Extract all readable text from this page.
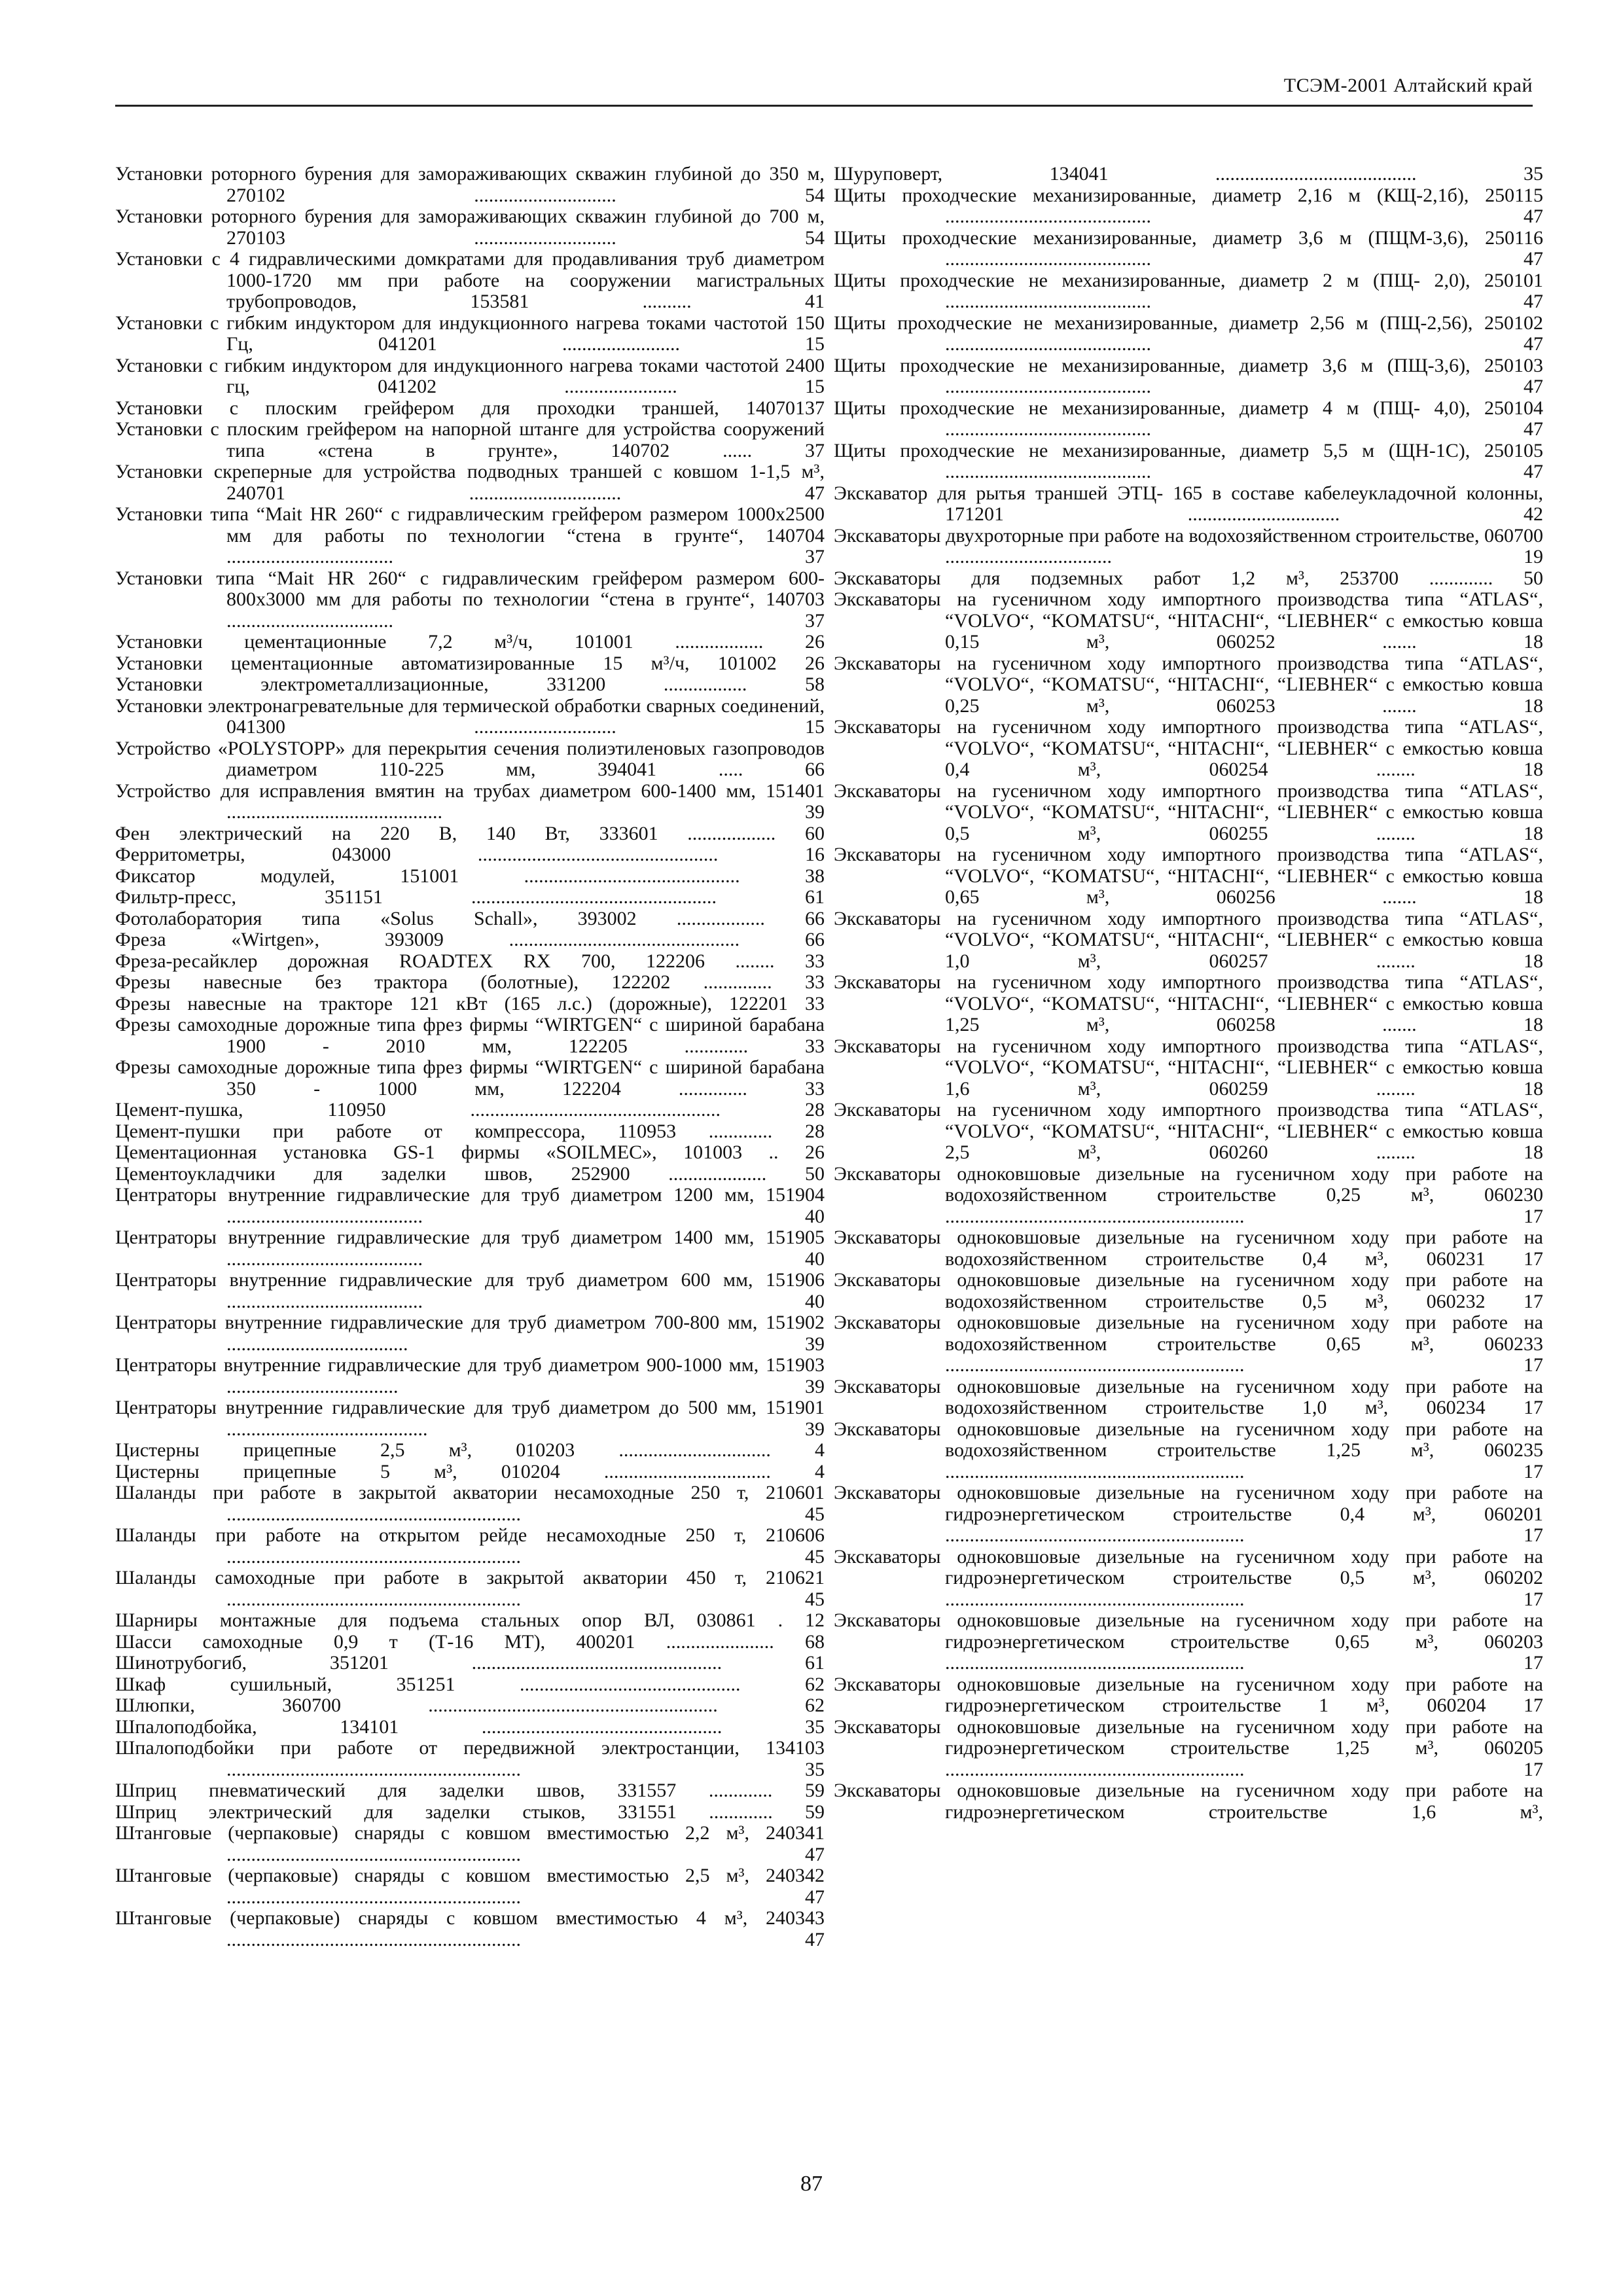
ТСЭМ-2001 Алтайский край
Установки роторного бурения для замораживающих скважин глубиной до 350 м, 270102 ............................. 54
Установки роторного бурения для замораживающих скважин глубиной до 700 м, 270103 ............................. 54
Установки с 4 гидравлическими домкратами для продавливания труб диаметром 1000-1720 мм при работе на сооружении магистральных трубопроводов, 153581 .......... 41
Установки с гибким индуктором для индукционного нагрева токами частотой 150 Гц, 041201 ........................ 15
Установки с гибким индуктором для индукционного нагрева токами частотой 2400 гц, 041202 ....................... 15
Установки с плоским грейфером для проходки траншей, 14070137
Установки с плоским грейфером на напорной штанге для устройства сооружений типа «стена в грунте», 140702 ...... 37
Установки скреперные для устройства подводных траншей с ковшом 1-1,5 м³, 240701 ............................... 47
Установки типа “Mait HR 260“ с гидравлическим грейфером размером 1000х2500 мм для работы по технологии “стена в грунте“, 140704 .................................. 37
Установки типа “Mait HR 260“ с гидравлическим грейфером размером 600-800х3000 мм для работы по технологии “стена в грунте“, 140703 .................................. 37
Установки цементационные 7,2 м³/ч, 101001 .................. 26
Установки цементационные автоматизированные 15 м³/ч, 101002 26
Установки электрометаллизационные, 331200 ................. 58
Установки электронагревательные для термической обработки сварных соединений, 041300 ............................. 15
Устройство «POLYSTOPP» для перекрытия сечения полиэтиленовых газопроводов диаметром 110-225 мм, 394041 ..... 66
Устройство для исправления вмятин на трубах диаметром 600-1400 мм, 151401 ............................................ 39
Фен электрический на 220 В, 140 Вт, 333601 .................. 60
Ферритометры, 043000 ................................................. 16
Фиксатор модулей, 151001 ............................................ 38
Фильтр-пресс, 351151 .................................................. 61
Фотолаборатория типа «Solus Schall», 393002 .................. 66
Фреза «Wirtgen», 393009 ............................................... 66
Фреза-ресайклер дорожная ROADTEX RX 700, 122206 ........ 33
Фрезы навесные без трактора (болотные), 122202 .............. 33
Фрезы навесные на тракторе 121 кВт (165 л.с.) (дорожные), 122201 33
Фрезы самоходные дорожные типа фрез фирмы “WIRTGEN“ с шириной барабана 1900 - 2010 мм, 122205 ............. 33
Фрезы самоходные дорожные типа фрез фирмы “WIRTGEN“ с шириной барабана 350 - 1000 мм, 122204 .............. 33
Цемент-пушка, 110950 ................................................... 28
Цемент-пушки при работе от компрессора, 110953 ............. 28
Цементационная установка GS-1 фирмы «SOILMEC», 101003 .. 26
Цементоукладчики для заделки швов, 252900 .................... 50
Центраторы внутренние гидравлические для труб диаметром 1200 мм, 151904 ........................................ 40
Центраторы внутренние гидравлические для труб диаметром 1400 мм, 151905 ........................................ 40
Центраторы внутренние гидравлические для труб диаметром 600 мм, 151906 ........................................ 40
Центраторы внутренние гидравлические для труб диаметром 700-800 мм, 151902 ..................................... 39
Центраторы внутренние гидравлические для труб диаметром 900-1000 мм, 151903 ................................... 39
Центраторы внутренние гидравлические для труб диаметром до 500 мм, 151901 ......................................... 39
Цистерны прицепные 2,5 м³, 010203 ............................... 4
Цистерны прицепные 5 м³, 010204 .................................. 4
Шаланды при работе в закрытой акватории несамоходные 250 т, 210601 ............................................................ 45
Шаланды при работе на открытом рейде несамоходные 250 т, 210606 ............................................................ 45
Шаланды самоходные при работе в закрытой акватории 450 т, 210621 ............................................................ 45
Шарниры монтажные для подъема стальных опор ВЛ, 030861 . 12
Шасси самоходные 0,9 т (Т-16 МТ), 400201 ...................... 68
Шинотрубогиб, 351201 ................................................... 61
Шкаф сушильный, 351251 ............................................. 62
Шлюпки, 360700 ........................................................... 62
Шпалоподбойка, 134101 ................................................. 35
Шпалоподбойки при работе от передвижной электростанции, 134103 ............................................................ 35
Шприц пневматический для заделки швов, 331557 ............. 59
Шприц электрический для заделки стыков, 331551 ............. 59
Штанговые (черпаковые) снаряды с ковшом вместимостью 2,2 м³, 240341 ............................................................ 47
Штанговые (черпаковые) снаряды с ковшом вместимостью 2,5 м³, 240342 ............................................................ 47
Штанговые (черпаковые) снаряды с ковшом вместимостью 4 м³, 240343 ............................................................ 47
Шуруповерт, 134041 ......................................... 35
Щиты проходческие механизированные, диаметр 2,16 м (КЩ-2,1б), 250115 .......................................... 47
Щиты проходческие механизированные, диаметр 3,6 м (ПЩМ-3,6), 250116 .......................................... 47
Щиты проходческие не механизированные, диаметр 2 м (ПЩ- 2,0), 250101 .......................................... 47
Щиты проходческие не механизированные, диаметр 2,56 м (ПЩ-2,56), 250102 .......................................... 47
Щиты проходческие не механизированные, диаметр 3,6 м (ПЩ-3,6), 250103 .......................................... 47
Щиты проходческие не механизированные, диаметр 4 м (ПЩ- 4,0), 250104 .......................................... 47
Щиты проходческие не механизированные, диаметр 5,5 м (ЩН-1С), 250105 .......................................... 47
Экскаватор для рытья траншей ЭТЦ- 165 в составе кабелеукладочной колонны, 171201 ............................... 42
Экскаваторы двухроторные при работе на водохозяйственном строительстве, 060700 .................................. 19
Экскаваторы для подземных работ 1,2 м³, 253700 ............. 50
Экскаваторы на гусеничном ходу импортного производства типа “ATLAS“, “VOLVO“, “KOMATSU“, “HITACHI“, “LIEBHER“ с емкостью ковша 0,15 м³, 060252 ....... 18
Экскаваторы на гусеничном ходу импортного производства типа “ATLAS“, “VOLVO“, “KOMATSU“, “HITACHI“, “LIEBHER“ с емкостью ковша 0,25 м³, 060253 ....... 18
Экскаваторы на гусеничном ходу импортного производства типа “ATLAS“, “VOLVO“, “KOMATSU“, “HITACHI“, “LIEBHER“ с емкостью ковша 0,4 м³, 060254 ........ 18
Экскаваторы на гусеничном ходу импортного производства типа “ATLAS“, “VOLVO“, “KOMATSU“, “HITACHI“, “LIEBHER“ с емкостью ковша 0,5 м³, 060255 ........ 18
Экскаваторы на гусеничном ходу импортного производства типа “ATLAS“, “VOLVO“, “KOMATSU“, “HITACHI“, “LIEBHER“ с емкостью ковша 0,65 м³, 060256 ....... 18
Экскаваторы на гусеничном ходу импортного производства типа “ATLAS“, “VOLVO“, “KOMATSU“, “HITACHI“, “LIEBHER“ с емкостью ковша 1,0 м³, 060257 ........ 18
Экскаваторы на гусеничном ходу импортного производства типа “ATLAS“, “VOLVO“, “KOMATSU“, “HITACHI“, “LIEBHER“ с емкостью ковша 1,25 м³, 060258 ....... 18
Экскаваторы на гусеничном ходу импортного производства типа “ATLAS“, “VOLVO“, “KOMATSU“, “HITACHI“, “LIEBHER“ с емкостью ковша 1,6 м³, 060259 ........ 18
Экскаваторы на гусеничном ходу импортного производства типа “ATLAS“, “VOLVO“, “KOMATSU“, “HITACHI“, “LIEBHER“ с емкостью ковша 2,5 м³, 060260 ........ 18
Экскаваторы одноковшовые дизельные на гусеничном ходу при работе на водохозяйственном строительстве 0,25 м³, 060230 ............................................................. 17
Экскаваторы одноковшовые дизельные на гусеничном ходу при работе на водохозяйственном строительстве 0,4 м³, 060231 17
Экскаваторы одноковшовые дизельные на гусеничном ходу при работе на водохозяйственном строительстве 0,5 м³, 060232 17
Экскаваторы одноковшовые дизельные на гусеничном ходу при работе на водохозяйственном строительстве 0,65 м³, 060233 ............................................................. 17
Экскаваторы одноковшовые дизельные на гусеничном ходу при работе на водохозяйственном строительстве 1,0 м³, 060234 17
Экскаваторы одноковшовые дизельные на гусеничном ходу при работе на водохозяйственном строительстве 1,25 м³, 060235 ............................................................. 17
Экскаваторы одноковшовые дизельные на гусеничном ходу при работе на гидроэнергетическом строительстве 0,4 м³, 060201 ............................................................. 17
Экскаваторы одноковшовые дизельные на гусеничном ходу при работе на гидроэнергетическом строительстве 0,5 м³, 060202 ............................................................. 17
Экскаваторы одноковшовые дизельные на гусеничном ходу при работе на гидроэнергетическом строительстве 0,65 м³, 060203 ............................................................. 17
Экскаваторы одноковшовые дизельные на гусеничном ходу при работе на гидроэнергетическом строительстве 1 м³, 060204 17
Экскаваторы одноковшовые дизельные на гусеничном ходу при работе на гидроэнергетическом строительстве 1,25 м³, 060205 ............................................................. 17
Экскаваторы одноковшовые дизельные на гусеничном ходу при работе на гидроэнергетическом строительстве 1,6 м³,
87
